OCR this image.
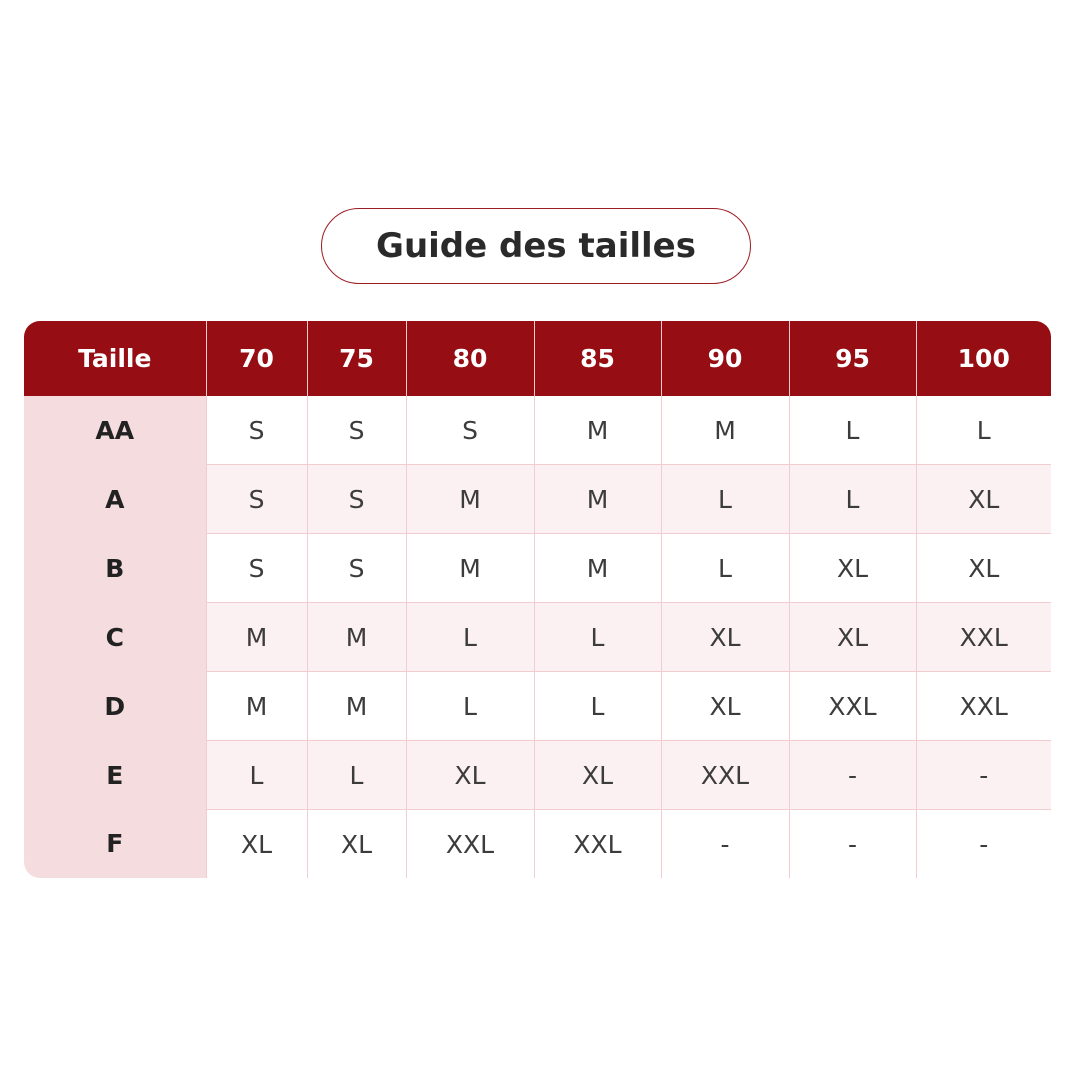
Guide des tailles
Taille	70	75	80	85	90	95	100
AA	S	S	S	M	M	L	L
A	S	S	M	M	L	L	XL
B	S	S	M	M	L	XL	XL
C	M	M	L	L	XL	XL	XXL
D	M	M	L	L	XL	XXL	XXL
E	L	L	XL	XL	XXL	-	-
F	XL	XL	XXL	XXL	-	-	-
